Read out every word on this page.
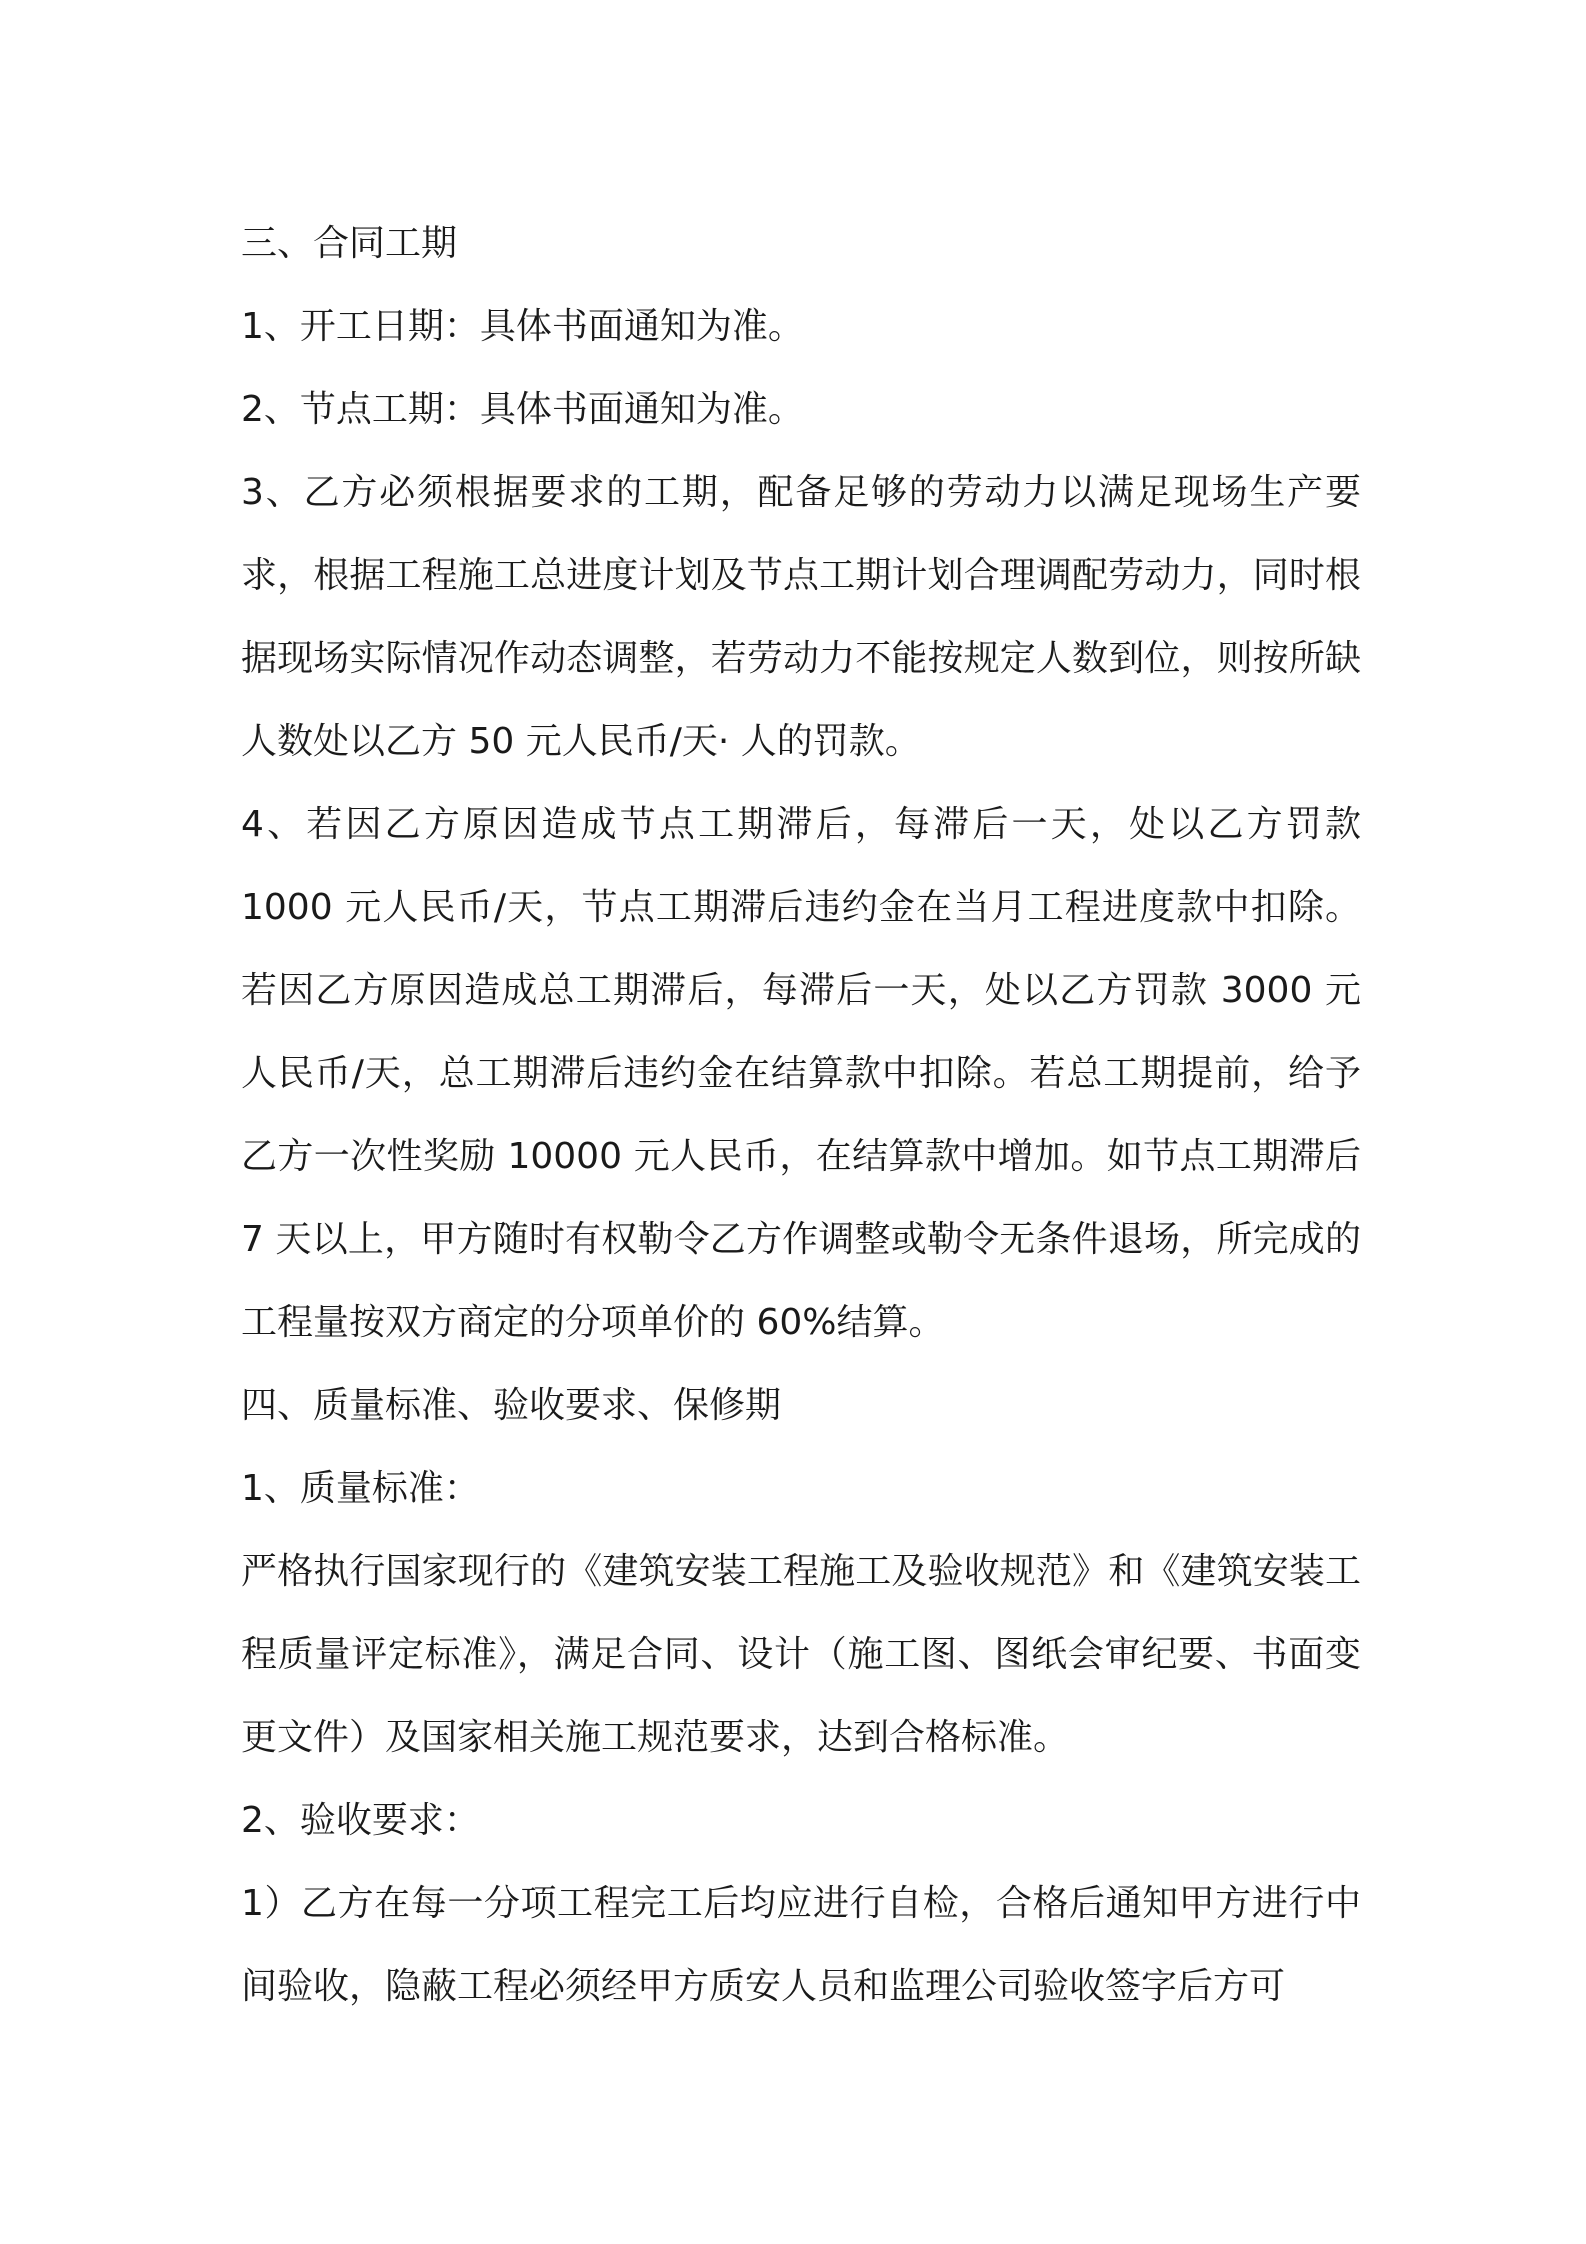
三、合同工期

1、开工日期：具体书面通知为准。

2、节点工期：具体书面通知为准。

3、乙方必须根据要求的工期，配备足够的劳动力以满足现场生产要求，根据工程施工总进度计划及节点工期计划合理调配劳动力，同时根据现场实际情况作动态调整，若劳动力不能按规定人数到位，则按所缺人数处以乙方 50 元人民币/天· 人的罚款。

4、若因乙方原因造成节点工期滞后，每滞后一天，处以乙方罚款 1000 元人民币/天，节点工期滞后违约金在当月工程进度款中扣除。若因乙方原因造成总工期滞后，每滞后一天，处以乙方罚款 3000 元人民币/天，总工期滞后违约金在结算款中扣除。若总工期提前，给予乙方一次性奖励 10000 元人民币，在结算款中增加。如节点工期滞后 7 天以上，甲方随时有权勒令乙方作调整或勒令无条件退场，所完成的工程量按双方商定的分项单价的 60%结算。

四、质量标准、验收要求、保修期

1、质量标准：

严格执行国家现行的《建筑安装工程施工及验收规范》和《建筑安装工程质量评定标准》，满足合同、设计（施工图、图纸会审纪要、书面变更文件）及国家相关施工规范要求，达到合格标准。

2、验收要求：

1）乙方在每一分项工程完工后均应进行自检，合格后通知甲方进行中间验收，隐蔽工程必须经甲方质安人员和监理公司验收签字后方可
